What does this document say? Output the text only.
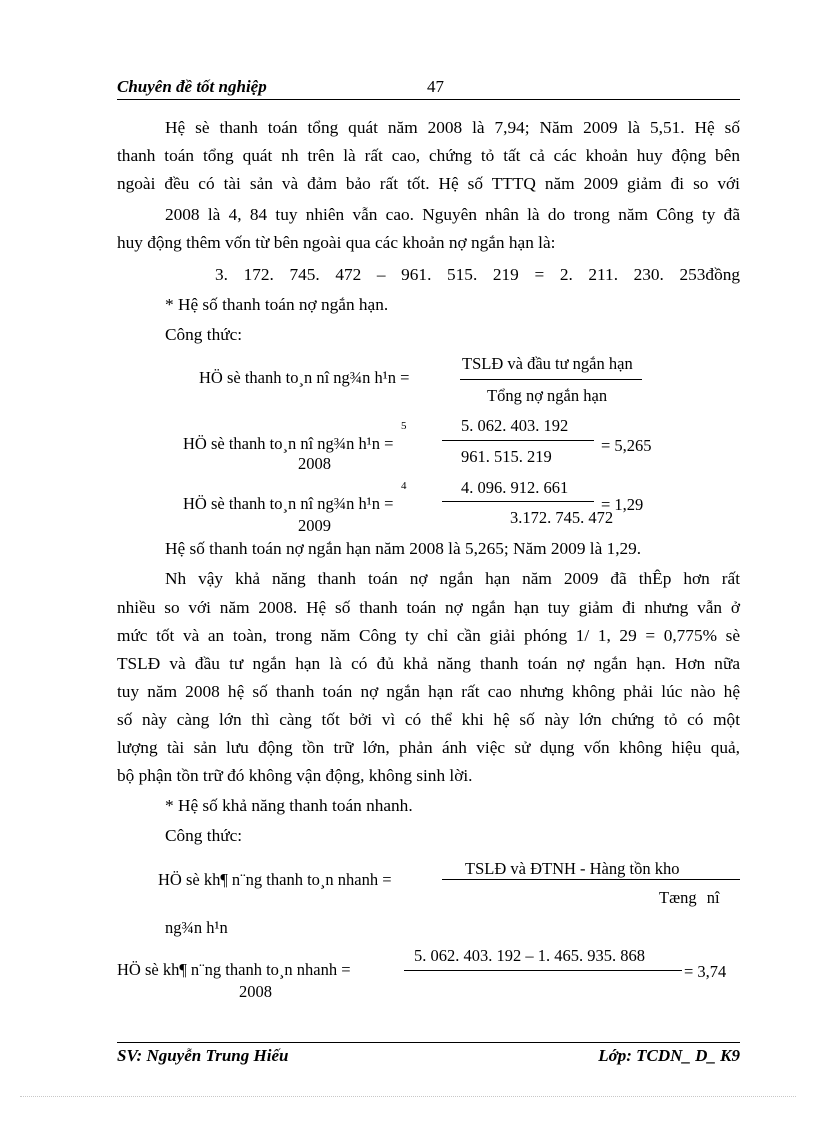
Chuyên đề tốt nghiệp	47
Hệ sè thanh toán tổng quát năm 2008 là 7,94; Năm 2009 là 5,51. Hệ số
thanh toán tổng quát nh trên là rất cao, chứng tỏ tất cả các khoản huy động bên
ngoài đều có tài sản và đảm bảo rất tốt. Hệ số TTTQ năm 2009 giảm đi so với
2008 là 4, 84 tuy nhiên vẫn cao. Nguyên nhân là do trong năm Công ty đã
huy động thêm vốn từ bên ngoài qua các khoản nợ ngắn hạn là:
3. 172. 745. 472 – 961. 515. 219 = 2. 211. 230. 253đồng
* Hệ số thanh toán nợ ngắn hạn.
Công thức:
HÖ sè thanh to¸n nî ng¾n h¹n =
TSLĐ và đầu tư ngắn hạn
Tổng nợ ngắn hạn
5
HÖ sè thanh to¸n nî ng¾n h¹n =
2008
5. 062. 403. 192
961. 515. 219
= 5,265
4
HÖ sè thanh to¸n nî ng¾n h¹n =
2009
4. 096. 912. 661
3.172. 745. 472
= 1,29
Hệ số thanh toán nợ ngắn hạn năm 2008 là 5,265; Năm 2009 là 1,29.
Nh vậy khả năng thanh toán nợ ngắn hạn năm 2009 đã thÊp hơn rất
nhiều so với năm 2008. Hệ số thanh toán nợ ngắn hạn tuy giảm đi nhưng vẫn ở
mức tốt và an toàn, trong năm Công ty chỉ cần giải phóng 1/ 1, 29 = 0,775% sè
TSLĐ và đầu tư ngắn hạn là có đủ khả năng thanh toán nợ ngắn hạn. Hơn nữa
tuy năm 2008 hệ số thanh toán nợ ngắn hạn rất cao nhưng không phải lúc nào hệ
số này càng lớn thì càng tốt bởi vì có thể khi hệ số này lớn chứng tỏ có một
lượng tài sản lưu động tồn trữ lớn, phản ánh việc sử dụng vốn không hiệu quả,
bộ phận tồn trữ đó không vận động, không sinh lời.
* Hệ số khả năng thanh toán nhanh.
Công thức:
HÖ sè kh¶ n¨ng thanh to¸n nhanh =
TSLĐ và ĐTNH - Hàng tồn kho
Tæng nî
ng¾n h¹n
HÖ sè kh¶ n¨ng thanh to¸n nhanh =
2008
5. 062. 403. 192 – 1. 465. 935. 868
= 3,74
SV: Nguyễn Trung Hiếu	Lớp: TCDN_ D_ K9
